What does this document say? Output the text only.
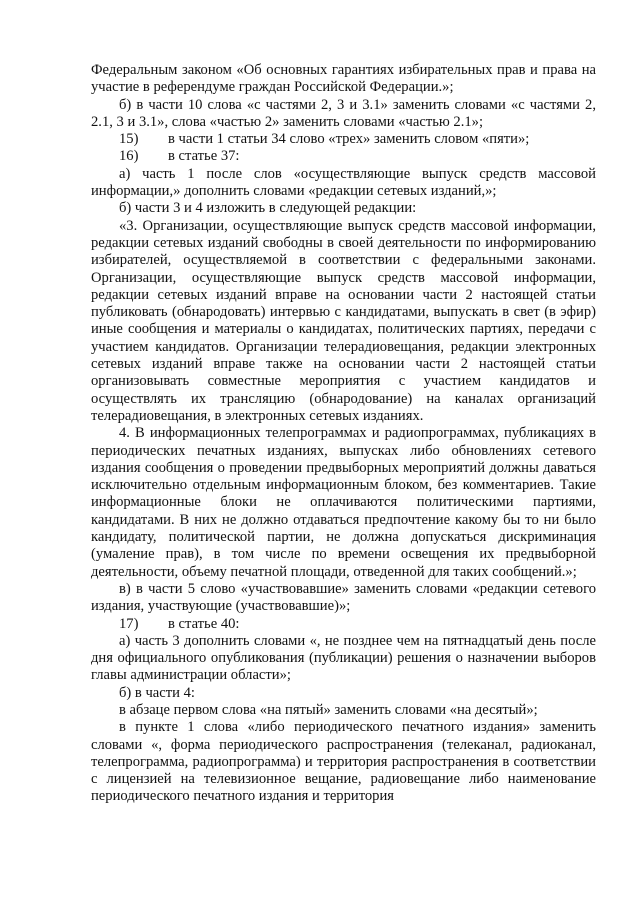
Федеральным законом «Об основных гарантиях избирательных прав и права на участие в референдуме граждан Российской Федерации.»;

б) в части 10 слова «с частями 2, 3 и 3.1» заменить словами «с частями 2, 2.1, 3 и 3.1», слова «частью 2» заменить словами «частью 2.1»;

15) в части 1 статьи 34 слово «трех» заменить словом «пяти»;

16) в статье 37:

а) часть 1 после слов «осуществляющие выпуск средств массовой информации,» дополнить словами «редакции сетевых изданий,»;

б) части 3 и 4 изложить в следующей редакции:

«3. Организации, осуществляющие выпуск средств массовой информации, редакции сетевых изданий свободны в своей деятельности по информированию избирателей, осуществляемой в соответствии с федеральными законами. Организации, осуществляющие выпуск средств массовой информации, редакции сетевых изданий вправе на основании части 2 настоящей статьи публиковать (обнародовать) интервью с кандидатами, выпускать в свет (в эфир) иные сообщения и материалы о кандидатах, политических партиях, передачи с участием кандидатов. Организации телерадиовещания, редакции электронных сетевых изданий вправе также на основании части 2 настоящей статьи организовывать совместные мероприятия с участием кандидатов и осуществлять их трансляцию (обнародование) на каналах организаций телерадиовещания, в электронных сетевых изданиях.

4. В информационных телепрограммах и радиопрограммах, публикациях в периодических печатных изданиях, выпусках либо обновлениях сетевого издания сообщения о проведении предвыборных мероприятий должны даваться исключительно отдельным информационным блоком, без комментариев. Такие информационные блоки не оплачиваются политическими партиями, кандидатами. В них не должно отдаваться предпочтение какому бы то ни было кандидату, политической партии, не должна допускаться дискриминация (умаление прав), в том числе по времени освещения их предвыборной деятельности, объему печатной площади, отведенной для таких сообщений.»;

в) в части 5 слово «участвовавшие» заменить словами «редакции сетевого издания, участвующие (участвовавшие)»;

17) в статье 40:

а) часть 3 дополнить словами «, не позднее чем на пятнадцатый день после дня официального опубликования (публикации) решения о назначении выборов главы администрации области»;

б) в части 4:

в абзаце первом слова «на пятый» заменить словами «на десятый»;

в пункте 1 слова «либо периодического печатного издания» заменить словами «, форма периодического распространения (телеканал, радиоканал, телепрограмма, радиопрограмма) и территория распространения в соответствии с лицензией на телевизионное вещание, радиовещание либо наименование периодического печатного издания и территория
